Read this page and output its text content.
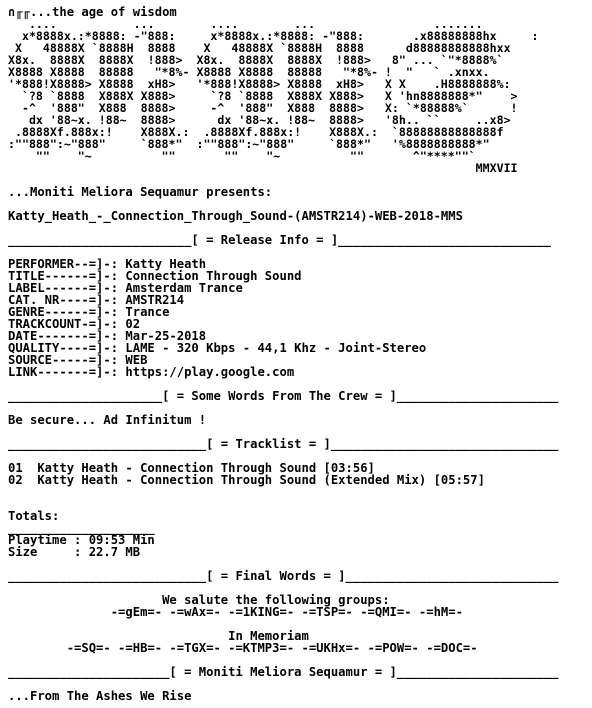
∩╓╓...the age of wisdom
....           ...        ....        ...                 .......
x*8888x.:*8888: -"888:     x*8888x.:*8888: -"888:       .x88888888hx     :
X   48888X `8888H  8888    X   48888X `8888H  8888      d88888888888hxx
X8x.  8888X  8888X  !888>  X8x.  8888X  8888X  !888>   8" ... `"*8888%`
X8888 X8888  88888   "*8%- X8888 X8888  88888   "*8%- !  "   ` .xnxx.
'*888!X8888> X8888  xH8>   '*888!X8888> X8888  xH8>   X X    .H8888888%:
`?8 `8888  X888X X888>     `?8 `8888  X888X X888>   X 'hn8888888*"    >
-^  '888"  X888  8888>     -^  '888"  X888  8888>   X: `*88888%`      !
dx '88~x. !88~  8888>      dx '88~x. !88~  8888>   '8h.. ``     ..x8>
.8888Xf.888x:!    X888X.:  .8888Xf.888x:!    X888X.:  `88888888888888f
:""888":~"888"     `888*"  :""888":~"888"     `888*"   '%8888888888*"
""    "~          ""       ""    "~          ""       ^"****""`
MMXVII
...Moniti Meliora Sequamur presents:
Katty_Heath_-_Connection_Through_Sound-(AMSTR214)-WEB-2018-MMS
_________________________[ = Release Info = ]_____________________________
PERFORMER--=]-: Katty Heath
TITLE------=]-: Connection Through Sound
LABEL------=]-: Amsterdam Trance
CAT. NR----=]-: AMSTR214
GENRE------=]-: Trance
TRACKCOUNT-=]-: 02
DATE-------=]-: Mar-25-2018
QUALITY----=]-: LAME - 320 Kbps - 44,1 Khz - Joint-Stereo
SOURCE-----=]-: WEB
LINK-------=]-: https://play.google.com
_____________________[ = Some Words From The Crew = ]______________________
Be secure... Ad Infinitum !
___________________________[ = Tracklist = ]_______________________________
01  Katty Heath - Connection Through Sound [03:56]
02  Katty Heath - Connection Through Sound (Extended Mix) [05:57]
Totals:
____________________
Playtime : 09:53 Min
Size     : 22.7 MB
___________________________[ = Final Words = ]_____________________________
We salute the following groups:
-=gEm=- -=wAx=- -=1KING=- -=TSP=- -=QMI=- -=hM=-
In Memoriam
-=SQ=- -=HB=- -=TGX=- -=KTMP3=- -=UKHx=- -=POW=- -=DOC=-
______________________[ = Moniti Meliora Sequamur = ]______________________
...From The Ashes We Rise
